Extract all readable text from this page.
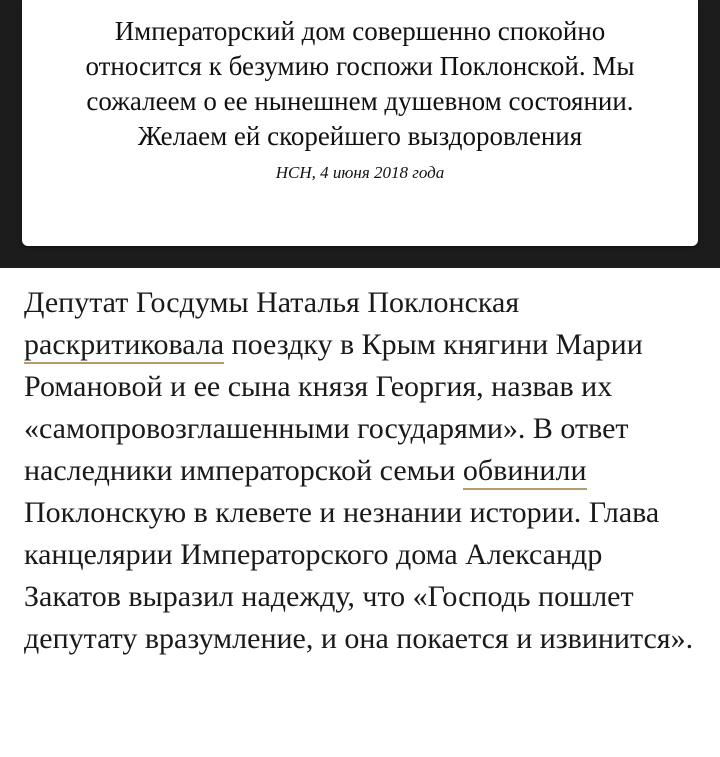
Императорский дом совершенно спокойно относится к безумию госпожи Поклонской. Мы сожалеем о ее нынешнем душевном состоянии. Желаем ей скорейшего выздоровления

НСН, 4 июня 2018 года

Депутат Госдумы Наталья Поклонская раскритиковала поездку в Крым княгини Марии Романовой и ее сына князя Георгия, назвав их «самопровозглашенными государями». В ответ наследники императорской семьи обвинили Поклонскую в клевете и незнании истории. Глава канцелярии Императорского дома Александр Закатов выразил надежду, что «Господь пошлет депутату вразумление, и она покается и извинится».
